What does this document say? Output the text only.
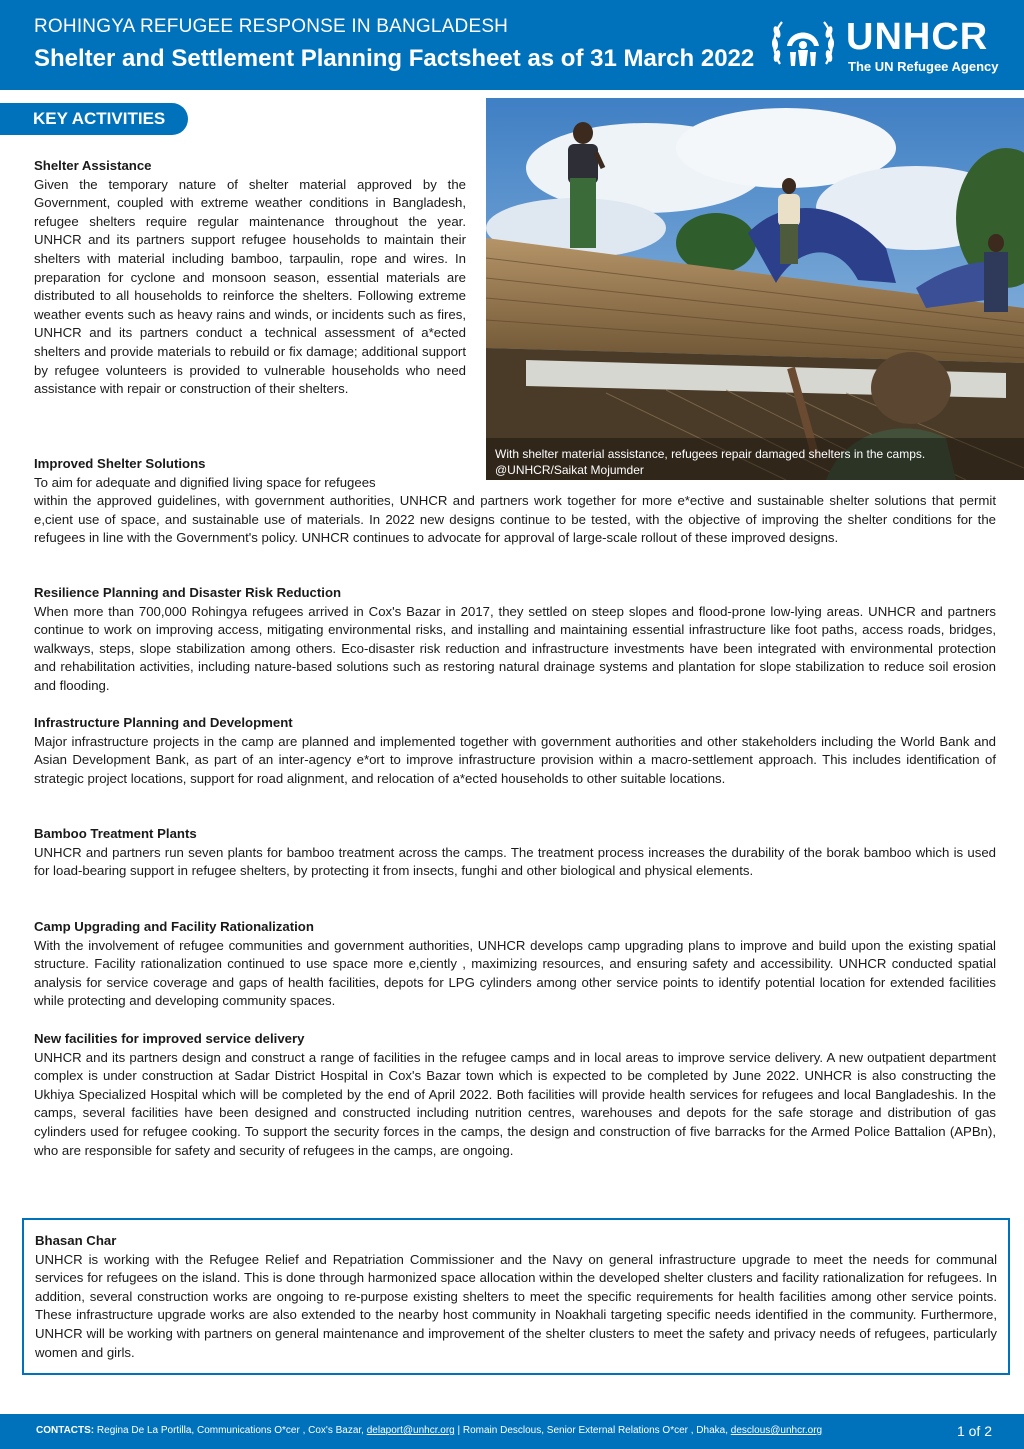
ROHINGYA REFUGEE RESPONSE IN BANGLADESH
Shelter and Settlement Planning Factsheet as of 31 March 2022
UNHCR
The UN Refugee Agency
KEY ACTIVITIES
With shelter material assistance, refugees repair damaged shelters in the camps. @UNHCR/Saikat Mojumder
Shelter Assistance

Given the temporary nature of shelter material approved by the Government, coupled with extreme weather conditions in Bangladesh, refugee shelters require regular maintenance throughout the year. UNHCR and its partners support refugee households to maintain their shelters with material including bamboo, tarpaulin, rope and wires. In preparation for cyclone and monsoon season, essential materials are distributed to all households to reinforce the shelters. Following extreme weather events such as heavy rains and winds, or incidents such as fires, UNHCR and its partners conduct a technical assessment of a*ected shelters and provide materials to rebuild or fix damage; additional support by refugee volunteers is provided to vulnerable households who need assistance with repair or construction of their shelters.

Improved Shelter Solutions

To aim for adequate and dignified living space for refugees

within the approved guidelines, with government authorities, UNHCR and partners work together for more e*ective and sustainable shelter solutions that permit e,cient use of space, and sustainable use of materials. In 2022 new designs continue to be tested, with the objective of improving the shelter conditions for the refugees in line with the Government's policy. UNHCR continues to advocate for approval of large-scale rollout of these improved designs.

Resilience Planning and Disaster Risk Reduction

When more than 700,000 Rohingya refugees arrived in Cox's Bazar in 2017, they settled on steep slopes and flood-prone low-lying areas. UNHCR and partners continue to work on improving access, mitigating environmental risks, and installing and maintaining essential infrastructure like foot paths, access roads, bridges, walkways, steps, slope stabilization among others. Eco-disaster risk reduction and infrastructure investments have been integrated with environmental protection and rehabilitation activities, including nature-based solutions such as restoring natural drainage systems and plantation for slope stabilization to reduce soil erosion and flooding.

Infrastructure Planning and Development

Major infrastructure projects in the camp are planned and implemented together with government authorities and other stakeholders including the World Bank and Asian Development Bank, as part of an inter-agency e*ort to improve infrastructure provision within a macro-settlement approach. This includes identification of strategic project locations, support for road alignment, and relocation of a*ected households to other suitable locations.

Bamboo Treatment Plants

UNHCR and partners run seven plants for bamboo treatment across the camps. The treatment process increases the durability of the borak bamboo which is used for load-bearing support in refugee shelters, by protecting it from insects, funghi and other biological and physical elements.

Camp Upgrading and Facility Rationalization

With the involvement of refugee communities and government authorities, UNHCR develops camp upgrading plans to improve and build upon the existing spatial structure. Facility rationalization continued to use space more e,ciently , maximizing resources, and ensuring safety and accessibility. UNHCR conducted spatial analysis for service coverage and gaps of health facilities, depots for LPG cylinders among other service points to identify potential location for extended facilities while protecting and developing community spaces.

New facilities for improved service delivery

UNHCR and its partners design and construct a range of facilities in the refugee camps and in local areas to improve service delivery. A new outpatient department complex is under construction at Sadar District Hospital in Cox's Bazar town which is expected to be completed by June 2022. UNHCR is also constructing the Ukhiya Specialized Hospital which will be completed by the end of April 2022. Both facilities will provide health services for refugees and local Bangladeshis. In the camps, several facilities have been designed and constructed including nutrition centres, warehouses and depots for the safe storage and distribution of gas cylinders used for refugee cooking. To support the security forces in the camps, the design and construction of five barracks for the Armed Police Battalion (APBn), who are responsible for safety and security of refugees in the camps, are ongoing.

Bhasan Char

UNHCR is working with the Refugee Relief and Repatriation Commissioner and the Navy on general infrastructure upgrade to meet the needs for communal services for refugees on the island. This is done through harmonized space allocation within the developed shelter clusters and facility rationalization for refugees. In addition, several construction works are ongoing to re-purpose existing shelters to meet the specific requirements for health facilities among other service points. These infrastructure upgrade works are also extended to the nearby host community in Noakhali targeting specific needs identified in the community. Furthermore, UNHCR will be working with partners on general maintenance and improvement of the shelter clusters to meet the safety and privacy needs of refugees, particularly women and girls.

CONTACTS: Regina De La Portilla, Communications O*cer , Cox's Bazar, delaport@unhcr.org | Romain Desclous, Senior External Relations O*cer , Dhaka, desclous@unhcr.org	1 of 2
